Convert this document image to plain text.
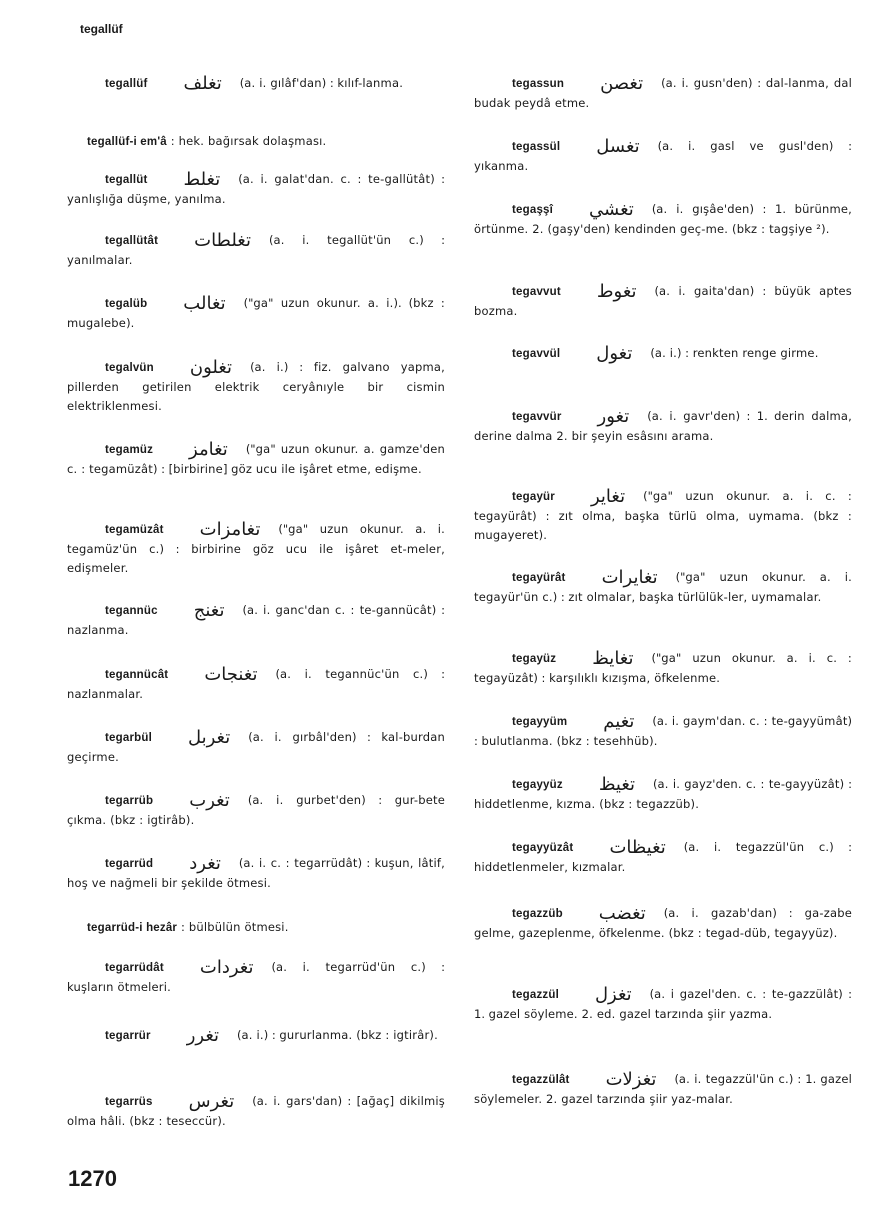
tegallüf
tegallüf تغلف (a. i. gılâf'dan) : kılıf-lanma.
tegallüf-i em'â : hek. bağırsak dolaşması.
tegallüt تغلط (a. i. galat'dan. c. : te-gallütât) : yanlışlığa düşme, yanılma.
tegallütât تغلطات (a. i. tegallüt'ün c.) : yanılmalar.
tegalüb تغالب ("ga" uzun okunur. a. i.). (bkz : mugalebe).
tegalvün تغلون (a. i.) : fiz. galvano yapma, pillerden getirilen elektrik ceryânıyle bir cismin elektriklenmesi.
tegamüz تغامز ("ga" uzun okunur. a. gamze'den c. : tegamüzât) : [birbirine] göz ucu ile işâret etme, edişme.
tegamüzât تغامزات ("ga" uzun okunur. a. i. tegamüz'ün c.) : birbirine göz ucu ile işâret et-meler, edişmeler.
tegannüc تغنج (a. i. ganc'dan c. : te-gannücât) : nazlanma.
tegannücât تغنجات (a. i. tegannüc'ün c.) : nazlanmalar.
tegarbül تغربل (a. i. gırbâl'den) : kal-burdan geçirme.
tegarrüb تغرب (a. i. gurbet'den) : gur-bete çıkma. (bkz : igtirâb).
tegarrüd تغرد (a. i. c. : tegarrüdât) : kuşun, lâtif, hoş ve nağmeli bir şekilde ötmesi.
tegarrüd-i hezâr : bülbülün ötmesi.
tegarrüdât تغردات (a. i. tegarrüd'ün c.) : kuşların ötmeleri.
tegarrür تغرر (a. i.) : gururlanma. (bkz : igtirâr).
tegarrüs تغرس (a. i. gars'dan) : [ağaç] dikilmiş olma hâli. (bkz : teseccür).
tegassun تغصن (a. i. gusn'den) : dal-lanma, dal budak peydâ etme.
tegassül تغسل (a. i. gasl ve gusl'den) : yıkanma.
tegaşşî تغشي (a. i. gışâe'den) : 1. bürünme, örtünme. 2. (gaşy'den) kendinden geç-me. (bkz : tagşiye ²).
tegavvut تغوط (a. i. gaita'dan) : büyük aptes bozma.
tegavvül تغول (a. i.) : renkten renge girme.
tegavvür تغور (a. i. gavr'den) : 1. derin dalma, derine dalma 2. bir şeyin esâsını arama.
tegayür تغاير ("ga" uzun okunur. a. i. c. : tegayürât) : zıt olma, başka türlü olma, uymama. (bkz : mugayeret).
tegayürât تغايرات ("ga" uzun okunur. a. i. tegayür'ün c.) : zıt olmalar, başka türlülük-ler, uymamalar.
tegayüz تغايظ ("ga" uzun okunur. a. i. c. : tegayüzât) : karşılıklı kızışma, öfkelenme.
tegayyüm تغيم (a. i. gaym'dan. c. : te-gayyümât) : bulutlanma. (bkz : tesehhüb).
tegayyüz تغيظ (a. i. gayz'den. c. : te-gayyüzât) : hiddetlenme, kızma. (bkz : tegazzüb).
tegayyüzât تغيظات (a. i. tegazzül'ün c.) : hiddetlenmeler, kızmalar.
tegazzüb تغضب (a. i. gazab'dan) : ga-zabe gelme, gazeplenme, öfkelenme. (bkz : tegad-düb, tegayyüz).
tegazzül تغزل (a. i gazel'den. c. : te-gazzülât) : 1. gazel söyleme. 2. ed. gazel tarzında şiir yazma.
tegazzülât تغزلات (a. i. tegazzül'ün c.) : 1. gazel söylemeler. 2. gazel tarzında şiir yaz-malar.
1270
